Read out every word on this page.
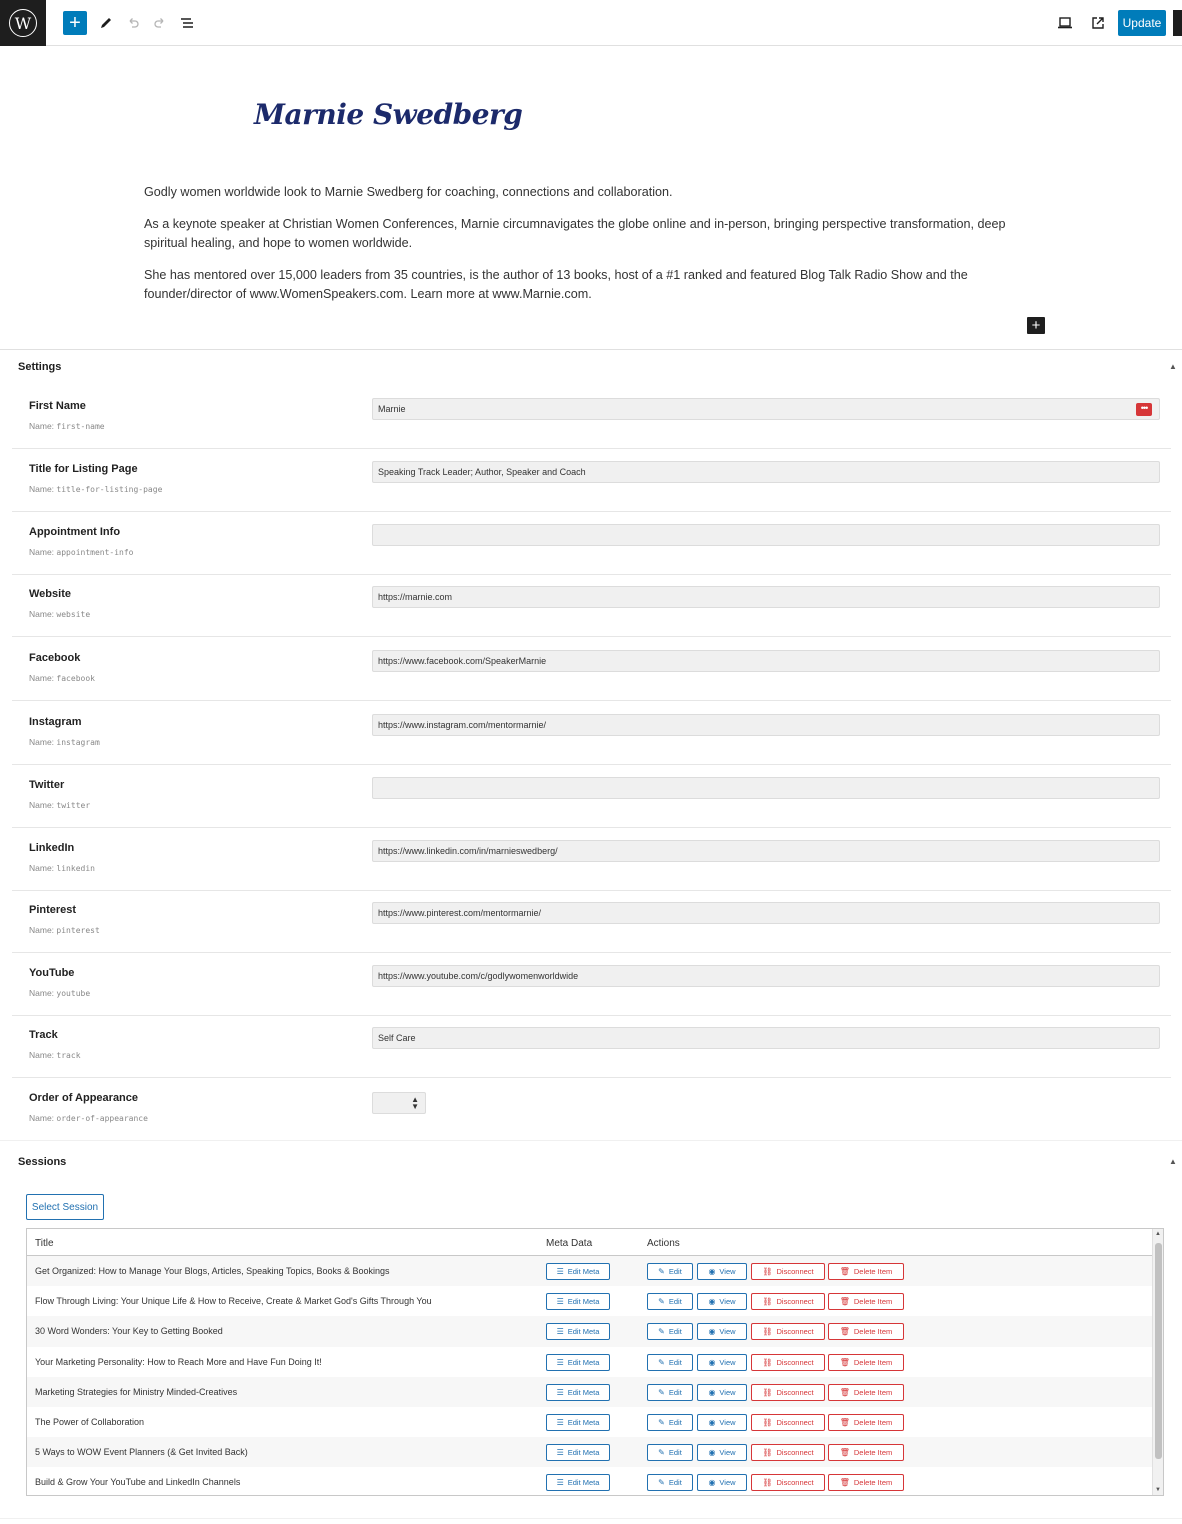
W +	Update
Marnie Swedberg

Godly women worldwide look to Marnie Swedberg for coaching, connections and collaboration.

As a keynote speaker at Christian Women Conferences, Marnie circumnavigates the globe online and in-person, bringing perspective transformation, deep spiritual healing, and hope to women worldwide.

She has mentored over 15,000 leaders from 35 countries, is the author of 13 books, host of a #1 ranked and featured Blog Talk Radio Show and the founder/director of www.WomenSpeakers.com. Learn more at www.Marnie.com.

+
Settings	▲
First Name
Name: first-name
Marnie
•••
Title for Listing Page
Name: title-for-listing-page
Speaking Track Leader; Author, Speaker and Coach
Appointment Info
Name: appointment-info
Website
Name: website
https://marnie.com
Facebook
Name: facebook
https://www.facebook.com/SpeakerMarnie
Instagram
Name: instagram
https://www.instagram.com/mentormarnie/
Twitter
Name: twitter
LinkedIn
Name: linkedin
https://www.linkedin.com/in/marnieswedberg/
Pinterest
Name: pinterest
https://www.pinterest.com/mentormarnie/
YouTube
Name: youtube
https://www.youtube.com/c/godlywomenworldwide
Track
Name: track
Self Care
Order of Appearance
Name: order-of-appearance
▲
▼
Sessions	▲
Select Session
Title	Meta Data	Actions
Get Organized: How to Manage Your Blogs, Articles, Speaking Topics, Books & Bookings	☰ Edit Meta	✎ Edit	◉ View	⛓ Disconnect	🗑 Delete Item
Flow Through Living: Your Unique Life & How to Receive, Create & Market God's Gifts Through You	☰ Edit Meta	✎ Edit	◉ View	⛓ Disconnect	🗑 Delete Item
30 Word Wonders: Your Key to Getting Booked	☰ Edit Meta	✎ Edit	◉ View	⛓ Disconnect	🗑 Delete Item
Your Marketing Personality: How to Reach More and Have Fun Doing It!	☰ Edit Meta	✎ Edit	◉ View	⛓ Disconnect	🗑 Delete Item
Marketing Strategies for Ministry Minded-Creatives	☰ Edit Meta	✎ Edit	◉ View	⛓ Disconnect	🗑 Delete Item
The Power of Collaboration	☰ Edit Meta	✎ Edit	◉ View	⛓ Disconnect	🗑 Delete Item
5 Ways to WOW Event Planners (& Get Invited Back)	☰ Edit Meta	✎ Edit	◉ View	⛓ Disconnect	🗑 Delete Item
Build & Grow Your YouTube and LinkedIn Channels	☰ Edit Meta	✎ Edit	◉ View	⛓ Disconnect	🗑 Delete Item
▲
▼
